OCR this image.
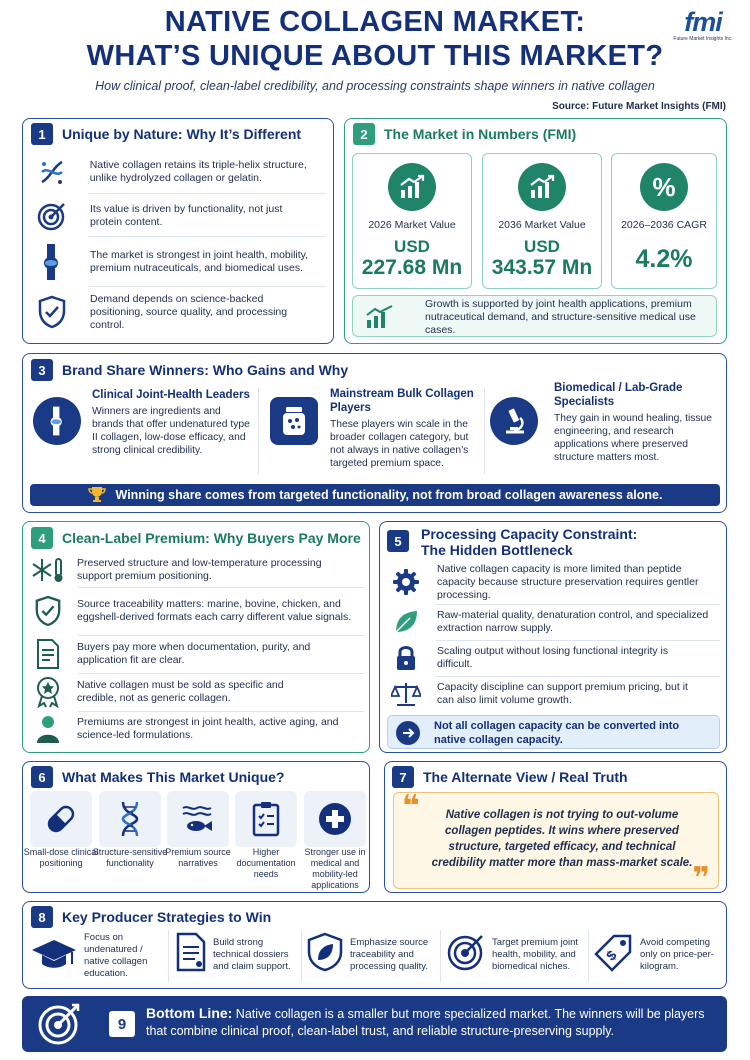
NATIVE COLLAGEN MARKET:
WHAT’S UNIQUE ABOUT THIS MARKET?
How clinical proof, clean-label credibility, and processing constraints shape winners in native collagen
Source: Future Market Insights (FMI)
fmi
Future Market Insights Inc.
1	Unique by Nature: Why It’s Different
Native collagen retains its triple-helix structure, unlike hydrolyzed collagen or gelatin.
Its value is driven by functionality, not just protein content.
The market is strongest in joint health, mobility, premium nutraceuticals, and biomedical uses.
Demand depends on science-backed positioning, source quality, and processing control.
2	The Market in Numbers (FMI)
2026 Market Value
USD
227.68 Mn
2036 Market Value
USD
343.57 Mn
%
2026–2036 CAGR
4.2%
Growth is supported by joint health applications, premium nutraceutical demand, and structure-sensitive medical use cases.
3	Brand Share Winners: Who Gains and Why
Clinical Joint-Health Leaders
Winners are ingredients and brands that offer undenatured type II collagen, low-dose efficacy, and strong clinical credibility.
Mainstream Bulk Collagen Players
These players win scale in the broader collagen category, but not always in native collagen’s targeted premium space.
Biomedical / Lab-Grade Specialists
They gain in wound healing, tissue engineering, and research applications where preserved structure matters most.
Winning share comes from targeted functionality, not from broad collagen awareness alone.
4	Clean-Label Premium: Why Buyers Pay More
Preserved structure and low-temperature processing support premium positioning.
Source traceability matters: marine, bovine, chicken, and eggshell-derived formats each carry different value signals.
Buyers pay more when documentation, purity, and application fit are clear.
Native collagen must be sold as specific and credible, not as generic collagen.
Premiums are strongest in joint health, active aging, and science-led formulations.
5	Processing Capacity Constraint:
The Hidden Bottleneck
Native collagen capacity is more limited than peptide capacity because structure preservation requires gentler processing.
Raw-material quality, denaturation control, and specialized extraction narrow supply.
Scaling output without losing functional integrity is difficult.
Capacity discipline can support premium pricing, but it can also limit volume growth.
Not all collagen capacity can be converted into native collagen capacity.
6	What Makes This Market Unique?
Small-dose clinical positioning
Structure-sensitive functionality
Premium source narratives
Higher documentation needs
Stronger use in medical and mobility-led applications
7	The Alternate View / Real Truth
❝	Native collagen is not trying to out-volume collagen peptides. It wins where preserved structure, targeted efficacy, and technical credibility matter more than mass-market scale. ❞
8	Key Producer Strategies to Win
Focus on undenatured / native collagen education.
Build strong technical dossiers and claim support.
Emphasize source traceability and processing quality.
Target premium joint health, mobility, and biomedical niches.
$
Avoid competing only on price-per-kilogram.
9
Bottom Line: Native collagen is a smaller but more specialized market. The winners will be players that combine clinical proof, clean-label trust, and reliable structure-preserving supply.
